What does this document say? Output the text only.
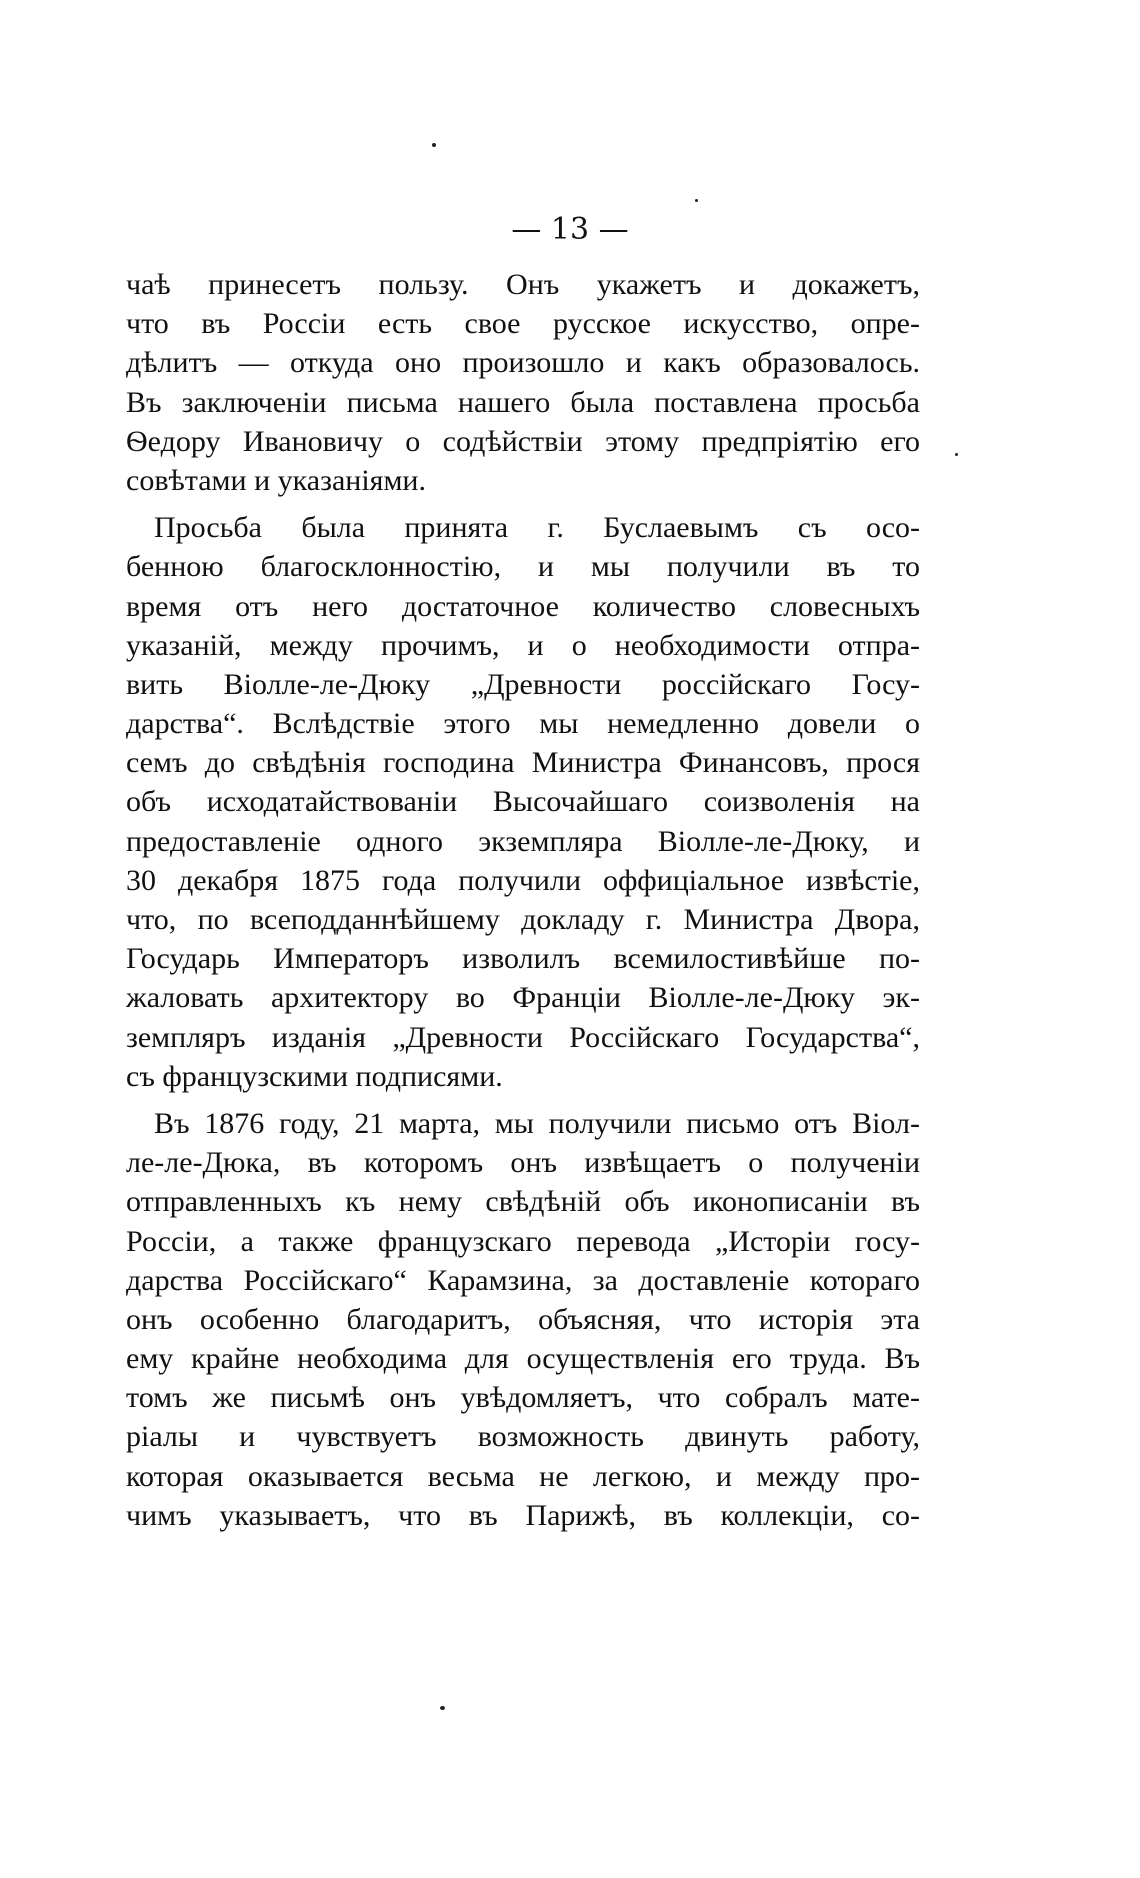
— 13 —
чаѣ принесетъ пользу. Онъ укажетъ и докажетъ,
что въ Россіи есть свое русское искусство, опре-
дѣлитъ — откуда оно произошло и какъ образовалось.
Въ заключеніи письма нашего была поставлена просьба
Ѳедору Ивановичу о содѣйствіи этому предпріятію его
совѣтами и указаніями.
Просьба была принята г. Буслаевымъ съ осо-
бенною благосклонностію, и мы получили въ то
время отъ него достаточное количество словесныхъ
указаній, между прочимъ, и о необходимости отпра-
вить Віолле-ле-Дюку „Древности россійскаго Госу-
дарства“. Вслѣдствіе этого мы немедленно довели о
семъ до свѣдѣнія господина Министра Финансовъ, прося
объ исходатайствованіи Высочайшаго соизволенія на
предоставленіе одного экземпляра Віолле-ле-Дюку, и
30 декабря 1875 года получили оффиціальное извѣстіе,
что, по всеподданнѣйшему докладу г. Министра Двора,
Государь Императоръ изволилъ всемилостивѣйше по-
жаловать архитектору во Франціи Віолле-ле-Дюку эк-
земпляръ изданія „Древности Россійскаго Государства“,
съ французскими подписями.
Въ 1876 году, 21 марта, мы получили письмо отъ Віол-
ле-ле-Дюка, въ которомъ онъ извѣщаетъ о полученіи
отправленныхъ къ нему свѣдѣній объ иконописаніи въ
Россіи, а также французскаго перевода „Исторіи госу-
дарства Россійскаго“ Карамзина, за доставленіе котораго
онъ особенно благодаритъ, объясняя, что исторія эта
ему крайне необходима для осуществленія его труда. Въ
томъ же письмѣ онъ увѣдомляетъ, что собралъ мате-
ріалы и чувствуетъ возможность двинуть работу,
которая оказывается весьма не легкою, и между про-
чимъ указываетъ, что въ Парижѣ, въ коллекціи, со-
